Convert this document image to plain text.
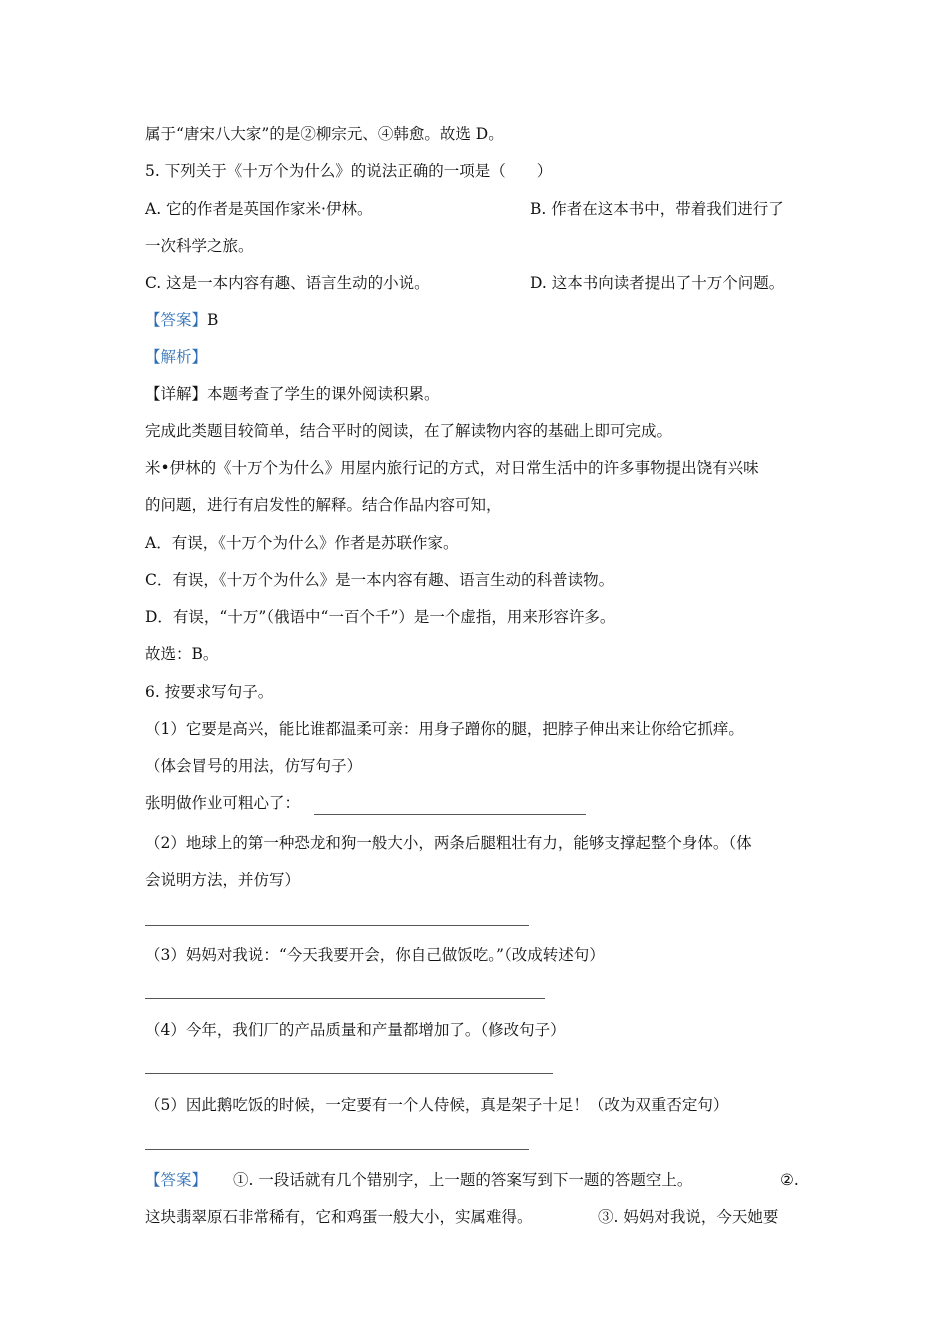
属于“唐宋八大家”的是②柳宗元、④韩愈。故选 D。
5. 下列关于《十万个为什么》的说法正确的一项是（　　）
A. 它的作者是英国作家米·伊林。	B. 作者在这本书中，带着我们进行了
一次科学之旅。
C. 这是一本内容有趣、语言生动的小说。	D. 这本书向读者提出了十万个问题。
【答案】B
【解析】
【详解】本题考查了学生的课外阅读积累。
完成此类题目较简单，结合平时的阅读，在了解读物内容的基础上即可完成。
米•伊林的《十万个为什么》用屋内旅行记的方式，对日常生活中的许多事物提出饶有兴味
的问题，进行有启发性的解释。结合作品内容可知，
A．有误，《十万个为什么》作者是苏联作家。
C．有误，《十万个为什么》是一本内容有趣、语言生动的科普读物。
D．有误，“十万”（俄语中“一百个千”）是一个虚指，用来形容许多。
故选：B。
6. 按要求写句子。
（1）它要是高兴，能比谁都温柔可亲：用身子蹭你的腿，把脖子伸出来让你给它抓痒。
（体会冒号的用法，仿写句子）
张明做作业可粗心了：
（2）地球上的第一种恐龙和狗一般大小，两条后腿粗壮有力，能够支撑起整个身体。（体
会说明方法，并仿写）
（3）妈妈对我说：“今天我要开会，你自己做饭吃。”（改成转述句）
（4）今年，我们厂的产品质量和产量都增加了。（修改句子）
（5）因此鹅吃饭的时候，一定要有一个人侍候，真是架子十足！（改为双重否定句）
【答案】 ①. 一段话就有几个错别字，上一题的答案写到下一题的答题空上。	②.
这块翡翠原石非常稀有，它和鸡蛋一般大小，实属难得。	③. 妈妈对我说，今天她要
